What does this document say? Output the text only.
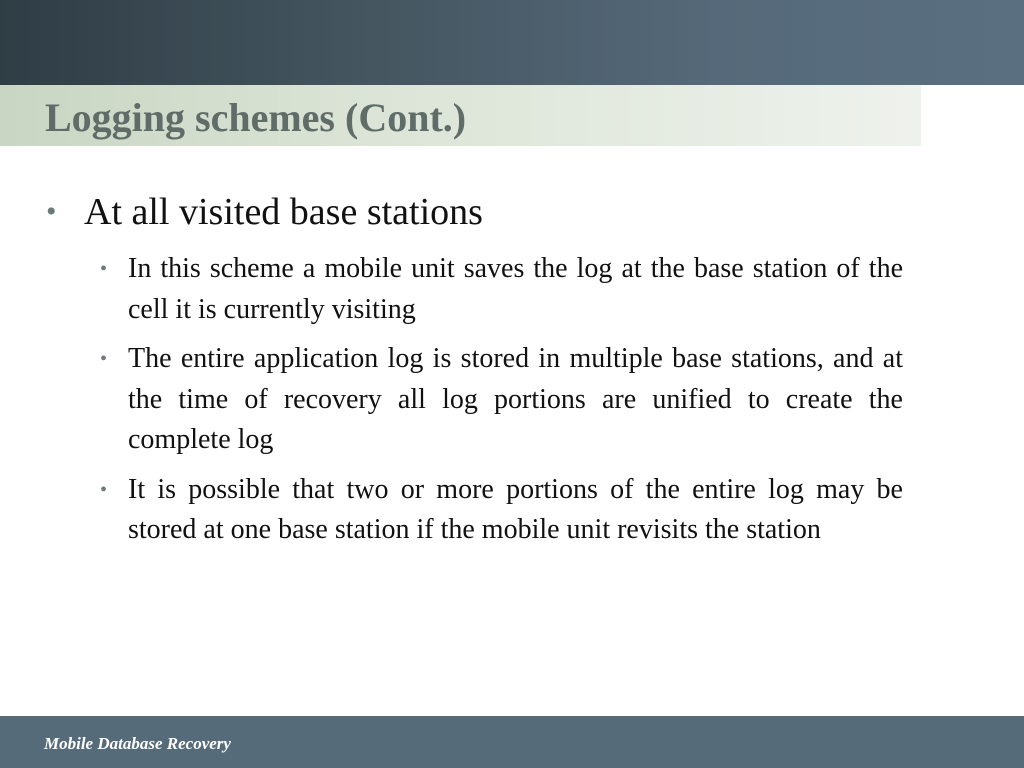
Logging schemes (Cont.)
• At all visited base stations
• In this scheme a mobile unit saves the log at the base station of the cell it is currently visiting
• The entire application log is stored in multiple base stations, and at the time of recovery all log portions are unified to create the complete log
• It is possible that two or more portions of the entire log may be stored at one base station if the mobile unit revisits the station
Mobile Database Recovery
